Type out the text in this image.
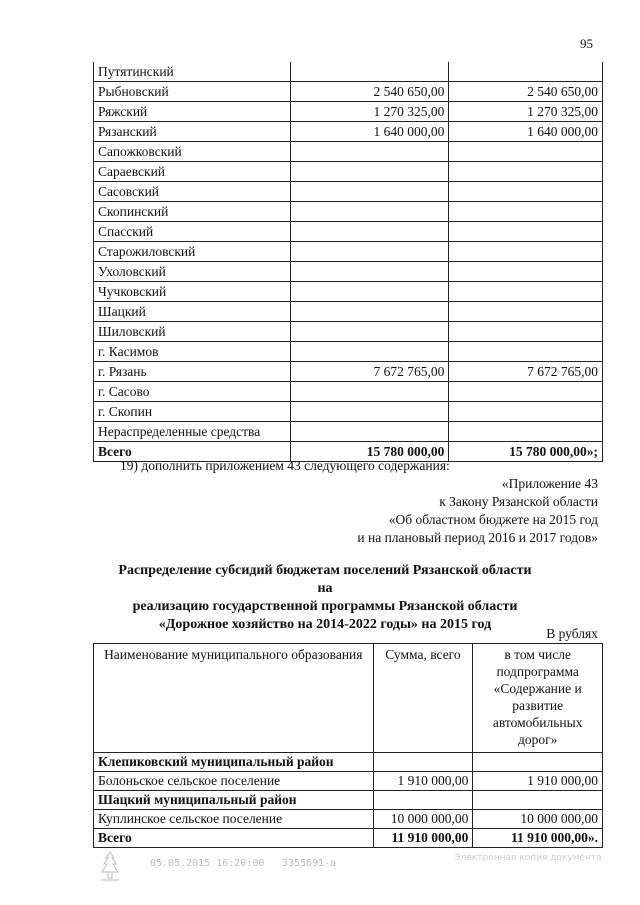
95
Путятинский		
Рыбновский	2 540 650,00	2 540 650,00
Ряжский	1 270 325,00	1 270 325,00
Рязанский	1 640 000,00	1 640 000,00
Сапожковский		
Сараевский		
Сасовский		
Скопинский		
Спасский		
Старожиловский		
Ухоловский		
Чучковский		
Шацкий		
Шиловский		
г. Касимов		
г. Рязань	7 672 765,00	7 672 765,00
г. Сасово		
г. Скопин		
Нераспределенные средства		
Всего	15 780 000,00	15 780 000,00»;
19) дополнить приложением 43 следующего содержания:
«Приложение 43
к Закону Рязанской области
«Об областном бюджете на 2015 год
и на плановый период 2016 и 2017 годов»
Распределение субсидий бюджетам поселений Рязанской области на
реализацию государственной программы Рязанской области
«Дорожное хозяйство на 2014-2022 годы» на 2015 год
В рублях
Наименование муниципального образования	Сумма, всего	в том числе подпрограмма «Содержание и развитие автомобильных дорог»
Клепиковский муниципальный район		
Болоньское сельское поселение	1 910 000,00	1 910 000,00
Шацкий муниципальный район		
Куплинское сельское поселение	10 000 000,00	10 000 000,00
Всего	11 910 000,00	11 910 000,00».
05.05.2015 16:20:00 3355691-a	Электронная копия документа
